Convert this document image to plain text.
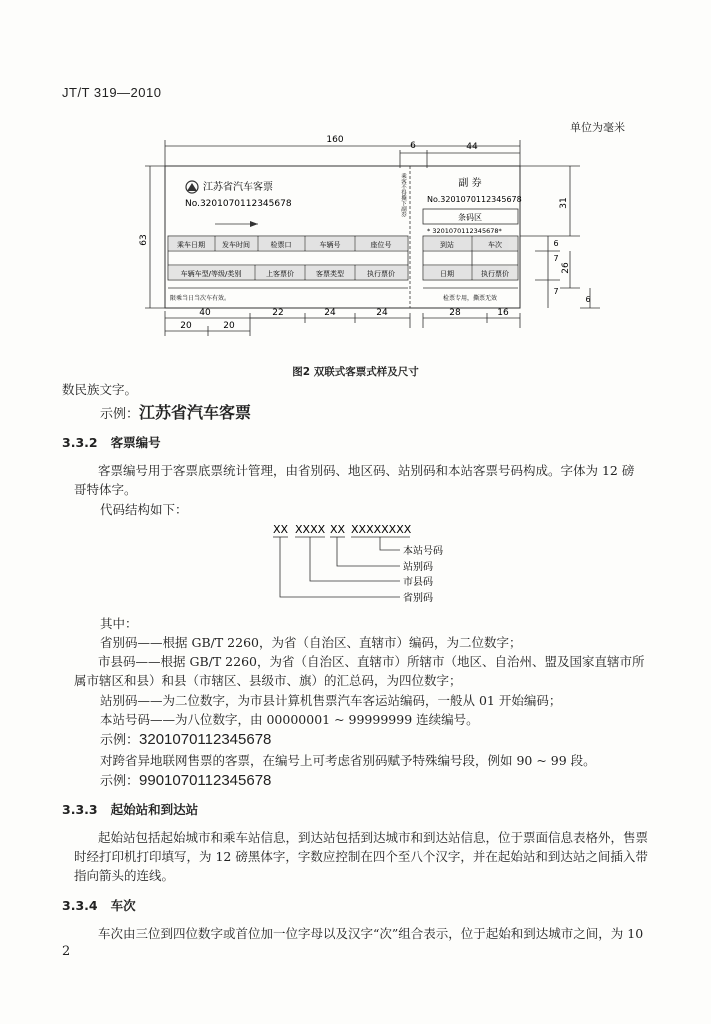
JT/T 319—2010
单位为毫米
160
6	44
63
40
20	20
22	24	24	28	16
31
6
7
26
7
6
江苏省汽车客票
No.3201070112345678	乘客不得撕下副券
乘车日期 发车时间	检票口	车辆号	座位号
车辆车型/等级/类别	上客票价	客票类型	执行票价
限乘当日当次车有效。
副 券
No.3201070112345678
条码区
* 3201070112345678*
到站	车次
日期	执行票价
检票专用，撕票无效
图2 双联式客票式样及尺寸
数民族文字。
示例：江苏省汽车客票
3.3.2 客票编号
客票编号用于客票底票统计管理，由省别码、地区码、站别码和本站客票号码构成。字体为 12 磅哥特体字。
代码结构如下：
XX XXXX XX XXXXXXXX
本站号码
站别码
市县码
省别码
其中：
省别码——根据 GB/T 2260，为省（自治区、直辖市）编码，为二位数字；
市县码——根据 GB/T 2260，为省（自治区、直辖市）所辖市（地区、自治州、盟及国家直辖市所属市辖区和县）和县（市辖区、县级市、旗）的汇总码，为四位数字；
站别码——为二位数字，为市县计算机售票汽车客运站编码，一般从 01 开始编码；
本站号码——为八位数字，由 00000001 ~ 99999999 连续编号。
示例：3201070112345678
对跨省异地联网售票的客票，在编号上可考虑省别码赋予特殊编号段，例如 90 ~ 99 段。
示例：9901070112345678
3.3.3 起始站和到达站
起始站包括起始城市和乘车站信息，到达站包括到达城市和到达站信息，位于票面信息表格外，售票时经打印机打印填写，为 12 磅黑体字，字数应控制在四个至八个汉字，并在起始站和到达站之间插入带指向箭头的连线。
3.3.4 车次
车次由三位到四位数字或首位加一位字母以及汉字“次”组合表示，位于起始和到达城市之间，为 10
2
